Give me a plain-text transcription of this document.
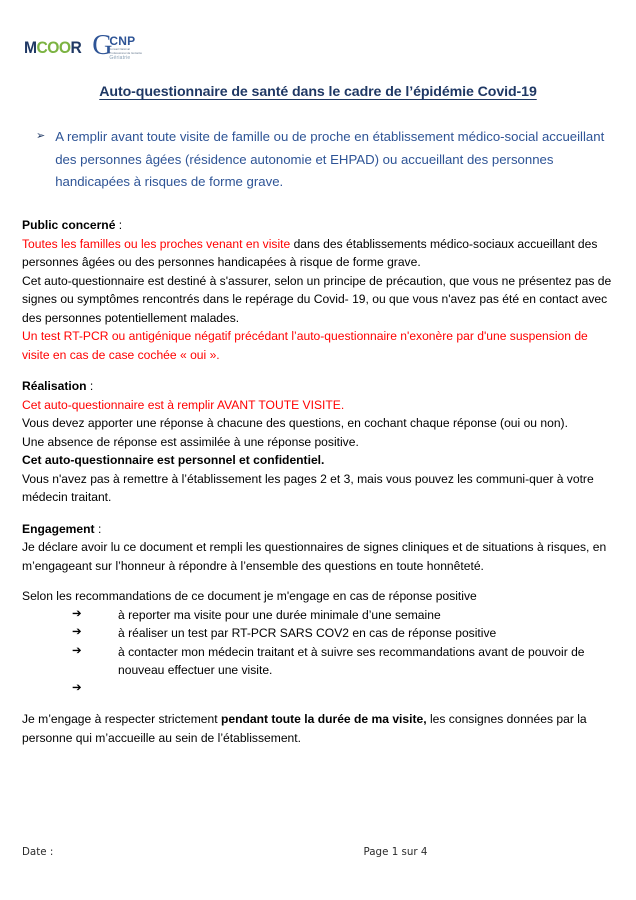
MCOOR G
CNP
Conseil National Professionnel de Gériatrie
Gériatrie
Auto-questionnaire de santé dans le cadre de l’épidémie Covid-19
➢ A remplir avant toute visite de famille ou de proche en établissement médico-social accueillant des personnes âgées (résidence autonomie et EHPAD) ou accueillant des personnes handicapées à risques de forme grave.

Public concerné :

Toutes les familles ou les proches venant en visite dans des établissements médico-sociaux accueillant des personnes âgées ou des personnes handicapées à risque de forme grave.

Cet auto-questionnaire est destiné à s'assurer, selon un principe de précaution, que vous ne présentez pas de signes ou symptômes rencontrés dans le repérage du Covid- 19, ou que vous n'avez pas été en contact avec des personnes potentiellement malades.

Un test RT-PCR ou antigénique négatif précédant l’auto-questionnaire n'exonère par d'une suspension de visite en cas de case cochée « oui ».

Réalisation :

Cet auto-questionnaire est à remplir AVANT TOUTE VISITE.

Vous devez apporter une réponse à chacune des questions, en cochant chaque réponse (oui ou non).

Une absence de réponse est assimilée à une réponse positive.

Cet auto-questionnaire est personnel et confidentiel.

Vous n'avez pas à remettre à l’établissement les pages 2 et 3, mais vous pouvez les communi-quer à votre médecin traitant.

Engagement :

Je déclare avoir lu ce document et rempli les questionnaires de signes cliniques et de situations à risques, en m’engageant sur l’honneur à répondre à l’ensemble des questions en toute honnêteté.

Selon les recommandations de ce document je m'engage en cas de réponse positive

➔	à reporter ma visite pour une durée minimale d’une semaine
➔	à réaliser un test par RT-PCR SARS COV2 en cas de réponse positive
➔	à contacter mon médecin traitant et à suivre ses recommandations avant de pouvoir de nouveau effectuer une visite.
➔

Je m’engage à respecter strictement pendant toute la durée de ma visite, les consignes données par la personne qui m’accueille au sein de l’établissement.

Date :	Page 1 sur 4
